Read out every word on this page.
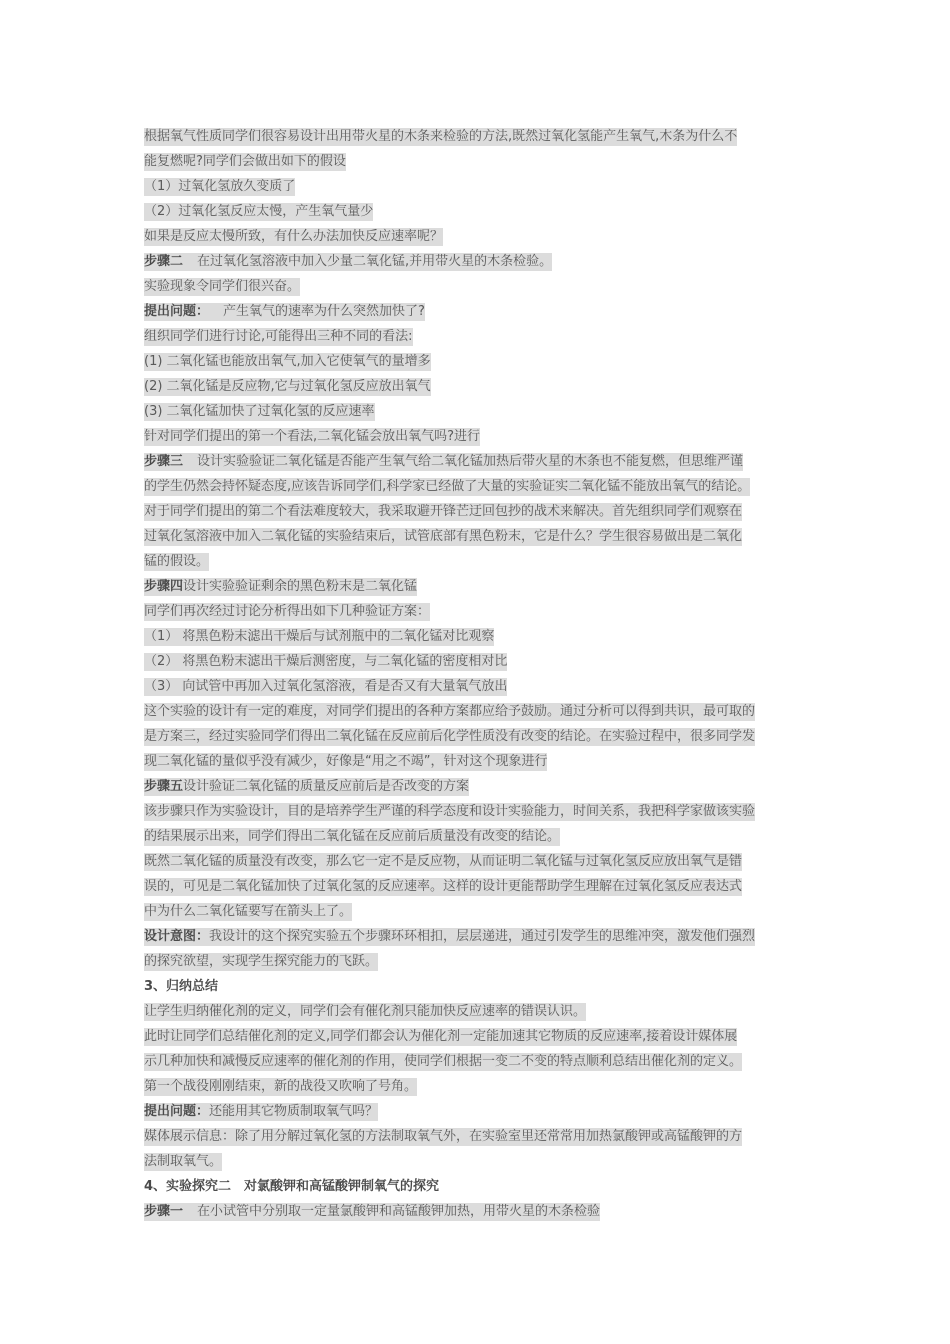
根据氧气性质同学们很容易设计出用带火星的木条来检验的方法,既然过氧化氢能产生氧气,木条为什么不
能复燃呢?同学们会做出如下的假设
（1）过氧化氢放久变质了
（2）过氧化氢反应太慢，产生氧气量少
如果是反应太慢所致，有什么办法加快反应速率呢？
步骤二 在过氧化氢溶液中加入少量二氧化锰,并用带火星的木条检验。
实验现象令同学们很兴奋。
提出问题： 产生氧气的速率为什么突然加快了?
组织同学们进行讨论,可能得出三种不同的看法:
(1) 二氧化锰也能放出氧气,加入它使氧气的量增多
(2) 二氧化锰是反应物,它与过氧化氢反应放出氧气
(3) 二氧化锰加快了过氧化氢的反应速率
针对同学们提出的第一个看法,二氧化锰会放出氧气吗?进行
步骤三 设计实验验证二氧化锰是否能产生氧气给二氧化锰加热后带火星的木条也不能复燃，但思维严谨
的学生仍然会持怀疑态度,应该告诉同学们,科学家已经做了大量的实验证实二氧化锰不能放出氧气的结论。
对于同学们提出的第二个看法难度较大，我采取避开锋芒迂回包抄的战术来解决。首先组织同学们观察在
过氧化氢溶液中加入二氧化锰的实验结束后，试管底部有黑色粉末，它是什么？学生很容易做出是二氧化
锰的假设。
步骤四设计实验验证剩余的黑色粉末是二氧化锰
同学们再次经过讨论分析得出如下几种验证方案：
（1） 将黑色粉末滤出干燥后与试剂瓶中的二氧化锰对比观察
（2） 将黑色粉末滤出干燥后测密度，与二氧化锰的密度相对比
（3） 向试管中再加入过氧化氢溶液，看是否又有大量氧气放出
这个实验的设计有一定的难度，对同学们提出的各种方案都应给予鼓励。通过分析可以得到共识，最可取的
是方案三，经过实验同学们得出二氧化锰在反应前后化学性质没有改变的结论。在实验过程中，很多同学发
现二氧化锰的量似乎没有减少，好像是“用之不竭”，针对这个现象进行
步骤五设计验证二氧化锰的质量反应前后是否改变的方案
该步骤只作为实验设计，目的是培养学生严谨的科学态度和设计实验能力，时间关系，我把科学家做该实验
的结果展示出来，同学们得出二氧化锰在反应前后质量没有改变的结论。
既然二氧化锰的质量没有改变，那么它一定不是反应物，从而证明二氧化锰与过氧化氢反应放出氧气是错
误的，可见是二氧化锰加快了过氧化氢的反应速率。这样的设计更能帮助学生理解在过氧化氢反应表达式
中为什么二氧化锰要写在箭头上了。
设计意图：我设计的这个探究实验五个步骤环环相扣，层层递进，通过引发学生的思维冲突，激发他们强烈
的探究欲望，实现学生探究能力的飞跃。
3、归纳总结
让学生归纳催化剂的定义，同学们会有催化剂只能加快反应速率的错误认识。
此时让同学们总结催化剂的定义,同学们都会认为催化剂一定能加速其它物质的反应速率,接着设计媒体展
示几种加快和减慢反应速率的催化剂的作用，使同学们根据一变二不变的特点顺利总结出催化剂的定义。
第一个战役刚刚结束，新的战役又吹响了号角。
提出问题：还能用其它物质制取氧气吗？
媒体展示信息：除了用分解过氧化氢的方法制取氧气外，在实验室里还常常用加热氯酸钾或高锰酸钾的方
法制取氧气。
4、实验探究二　对氯酸钾和高锰酸钾制氧气的探究
步骤一 在小试管中分别取一定量氯酸钾和高锰酸钾加热，用带火星的木条检验
